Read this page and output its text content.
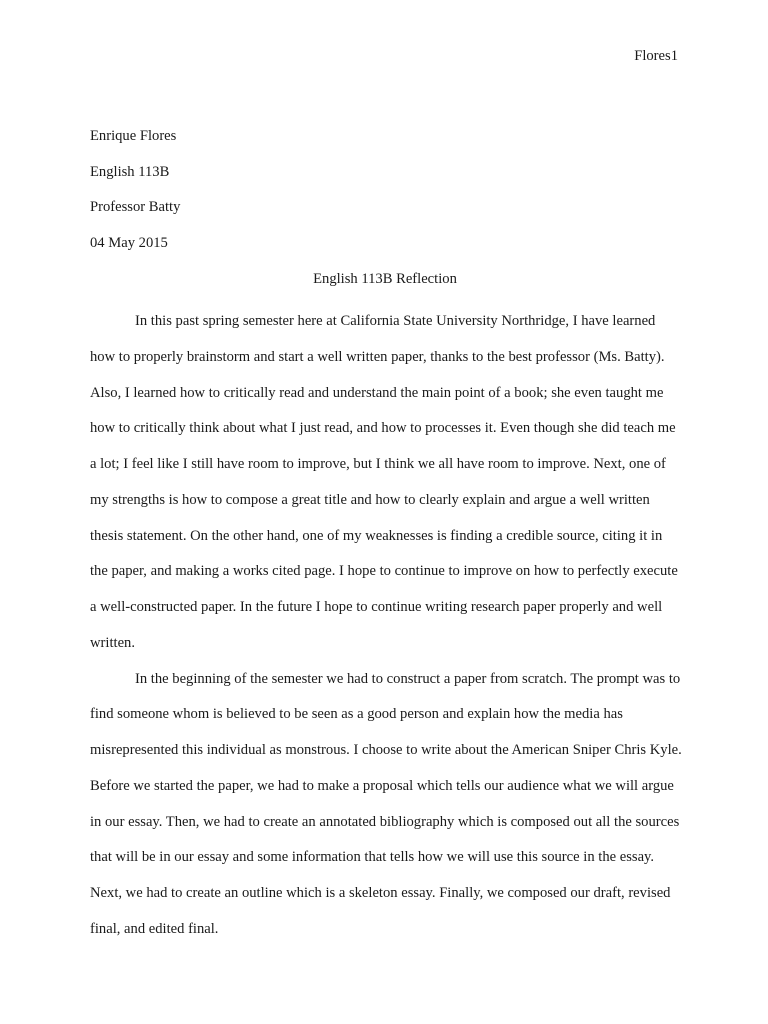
Flores1
Enrique Flores
English 113B
Professor Batty
04 May 2015
English 113B Reflection

In this past spring semester here at California State University Northridge, I have learned how to properly brainstorm and start a well written paper, thanks to the best professor (Ms. Batty). Also, I learned how to critically read and understand the main point of a book; she even taught me how to critically think about what I just read, and how to processes it. Even though she did teach me a lot; I feel like I still have room to improve, but I think we all have room to improve. Next, one of my strengths is how to compose a great title and how to clearly explain and argue a well written thesis statement. On the other hand, one of my weaknesses is finding a credible source, citing it in the paper, and making a works cited page. I hope to continue to improve on how to perfectly execute a well-constructed paper. In the future I hope to continue writing research paper properly and well written.

In the beginning of the semester we had to construct a paper from scratch. The prompt was to find someone whom is believed to be seen as a good person and explain how the media has misrepresented this individual as monstrous. I choose to write about the American Sniper Chris Kyle. Before we started the paper, we had to make a proposal which tells our audience what we will argue in our essay. Then, we had to create an annotated bibliography which is composed out all the sources that will be in our essay and some information that tells how we will use this source in the essay. Next, we had to create an outline which is a skeleton essay. Finally, we composed our draft, revised final, and edited final.
